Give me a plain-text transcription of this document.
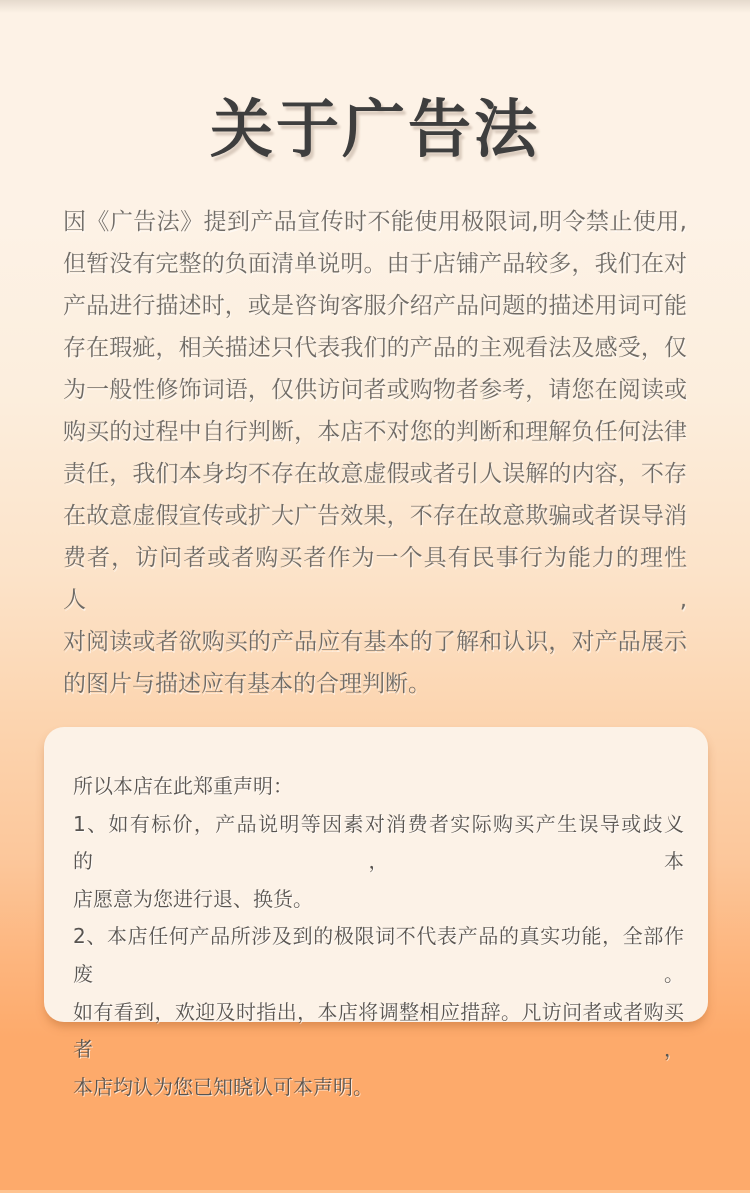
关于广告法
因《广告法》提到产品宣传时不能使用极限词,明令禁止使用,
但暂没有完整的负面清单说明。由于店铺产品较多，我们在对
产品进行描述时，或是咨询客服介绍产品问题的描述用词可能
存在瑕疵，相关描述只代表我们的产品的主观看法及感受，仅
为一般性修饰词语，仅供访问者或购物者参考，请您在阅读或
购买的过程中自行判断，本店不对您的判断和理解负任何法律
责任，我们本身均不存在故意虚假或者引人误解的内容，不存
在故意虚假宣传或扩大广告效果，不存在故意欺骗或者误导消
费者，访问者或者购买者作为一个具有民事行为能力的理性人,
对阅读或者欲购买的产品应有基本的了解和认识，对产品展示
的图片与描述应有基本的合理判断。
所以本店在此郑重声明：
1、如有标价，产品说明等因素对消费者实际购买产生误导或歧义的，本
店愿意为您进行退、换货。
2、本店任何产品所涉及到的极限词不代表产品的真实功能，全部作废。
如有看到，欢迎及时指出，本店将调整相应措辞。凡访问者或者购买者，
本店均认为您已知晓认可本声明。
